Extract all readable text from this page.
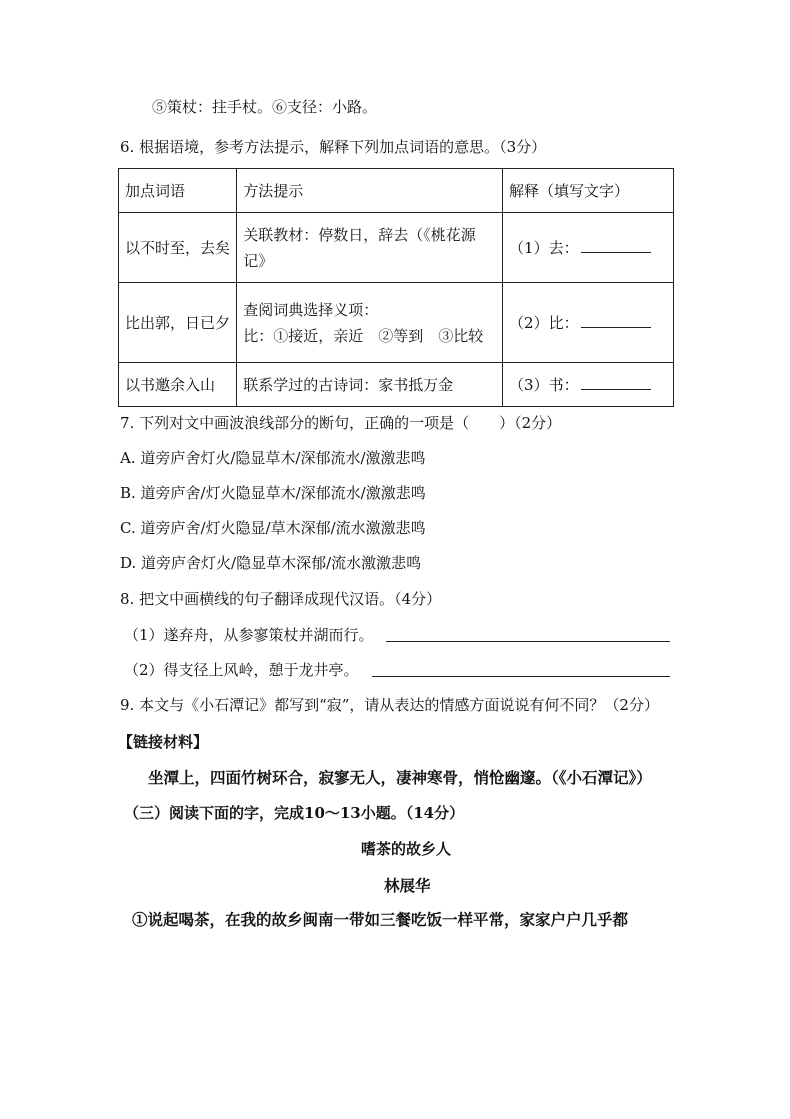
⑤策杖：拄手杖。⑥支径：小路。
6. 根据语境，参考方法提示，解释下列加点词语的意思。（3分）
加点词语	方法提示	解释（填写文字）
以不时至，去矣	关联教材：停数日，辞去（《桃花源
记》	（1）去：
比出郭，日已夕	查阅词典选择义项：
比：①接近，亲近　②等到　③比较	（2）比：
以书邀余入山	联系学过的古诗词：家书抵万金	（3）书：
7. 下列对文中画波浪线部分的断句，正确的一项是（　　）（2分）
A. 道旁庐舍灯火/隐显草木/深郁流水/激激悲鸣
B. 道旁庐舍/灯火隐显草木/深郁流水/激激悲鸣
C. 道旁庐舍/灯火隐显/草木深郁/流水激激悲鸣
D. 道旁庐舍灯火/隐显草木深郁/流水激激悲鸣
8. 把文中画横线的句子翻译成现代汉语。（4分）
（1）遂弃舟，从参寥策杖并湖而行。
（2）得支径上风岭，憩于龙井亭。
9. 本文与《小石潭记》都写到“寂”，请从表达的情感方面说说有何不同？（2分）
【链接材料】
坐潭上，四面竹树环合，寂寥无人，凄神寒骨，悄怆幽邃。（《小石潭记》）
（三）阅读下面的字，完成10～13小题。（14分）
嗜茶的故乡人
林展华
①说起喝茶，在我的故乡闽南一带如三餐吃饭一样平常，家家户户几乎都
